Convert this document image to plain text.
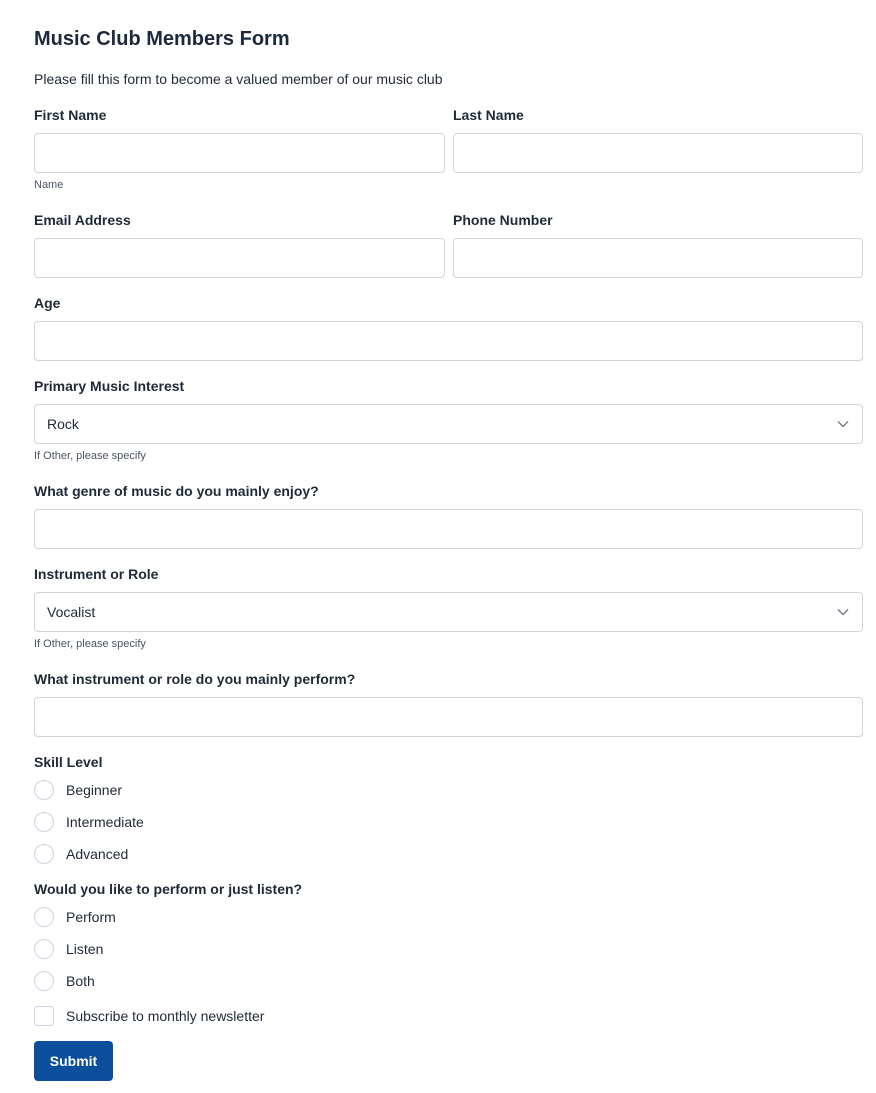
Music Club Members Form
Please fill this form to become a valued member of our music club
First Name
Name
Last Name
Email Address	Phone Number
Age
Primary Music Interest
Rock
If Other, please specify
What genre of music do you mainly enjoy?
Instrument or Role
Vocalist
If Other, please specify
What instrument or role do you mainly perform?
Skill Level
Beginner
Intermediate
Advanced
Would you like to perform or just listen?
Perform
Listen
Both
Subscribe to monthly newsletter
Submit
